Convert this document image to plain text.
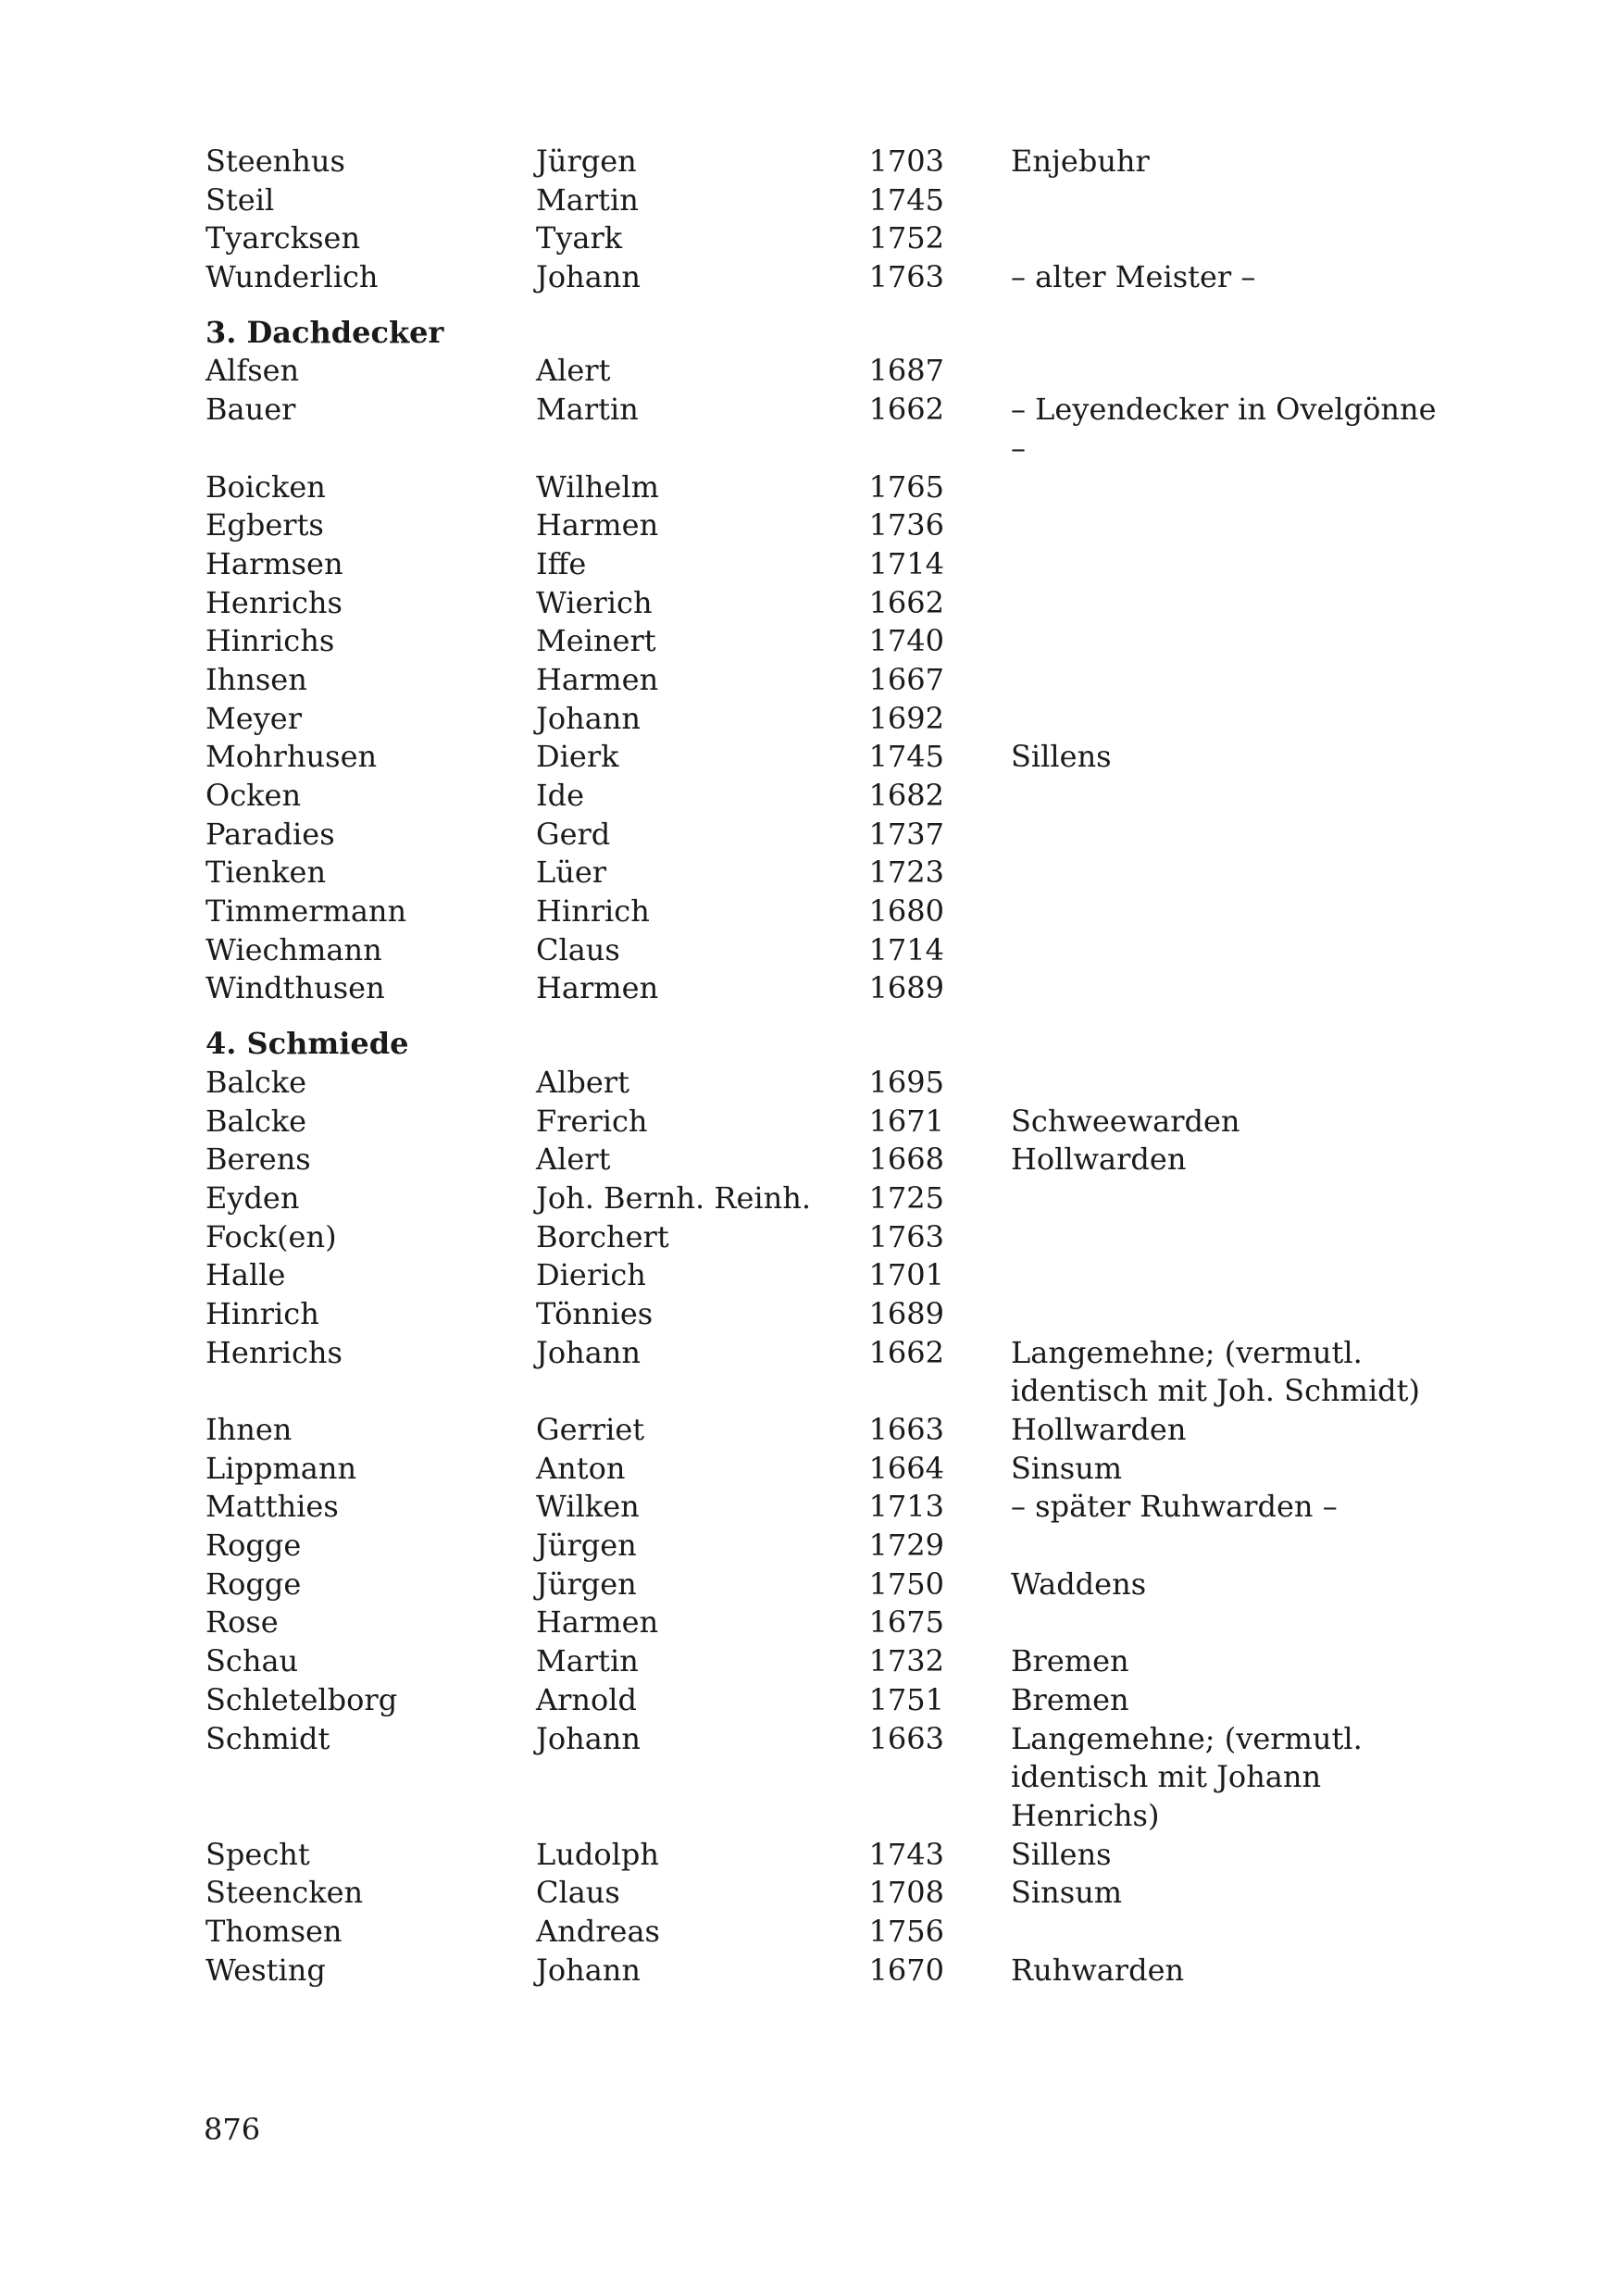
Steenhus	Jürgen	1703 Enjebuhr
Steil	Martin	1745
Tyarcksen	Tyark	1752
Wunderlich	Johann	1763 – alter Meister –
3. Dachdecker
Alfsen	Alert	1687
Bauer	Martin	1662 – Leyendecker in Ovelgönne –
Boicken	Wilhelm	1765
Egberts	Harmen	1736
Harmsen	Iffe	1714
Henrichs	Wierich	1662
Hinrichs	Meinert	1740
Ihnsen	Harmen	1667
Meyer	Johann	1692
Mohrhusen	Dierk	1745 Sillens
Ocken	Ide	1682
Paradies	Gerd	1737
Tienken	Lüer	1723
Timmermann	Hinrich	1680
Wiechmann	Claus	1714
Windthusen	Harmen	1689
4. Schmiede
Balcke	Albert	1695
Balcke	Frerich	1671 Schweewarden
Berens	Alert	1668 Hollwarden
Eyden	Joh. Bernh. Reinh. 1725
Fock(en)	Borchert	1763
Halle	Dierich	1701
Hinrich	Tönnies	1689
Henrichs	Johann	1662 Langemehne; (vermutl. identisch mit Joh. Schmidt)
Ihnen	Gerriet	1663 Hollwarden
Lippmann	Anton	1664 Sinsum
Matthies	Wilken	1713 – später Ruhwarden –
Rogge	Jürgen	1729
Rogge	Jürgen	1750 Waddens
Rose	Harmen	1675
Schau	Martin	1732 Bremen
Schletelborg	Arnold	1751 Bremen
Schmidt	Johann	1663 Langemehne; (vermutl. identisch mit Johann Henrichs)
Specht	Ludolph	1743 Sillens
Steencken	Claus	1708 Sinsum
Thomsen	Andreas	1756
Westing	Johann	1670 Ruhwarden
876
